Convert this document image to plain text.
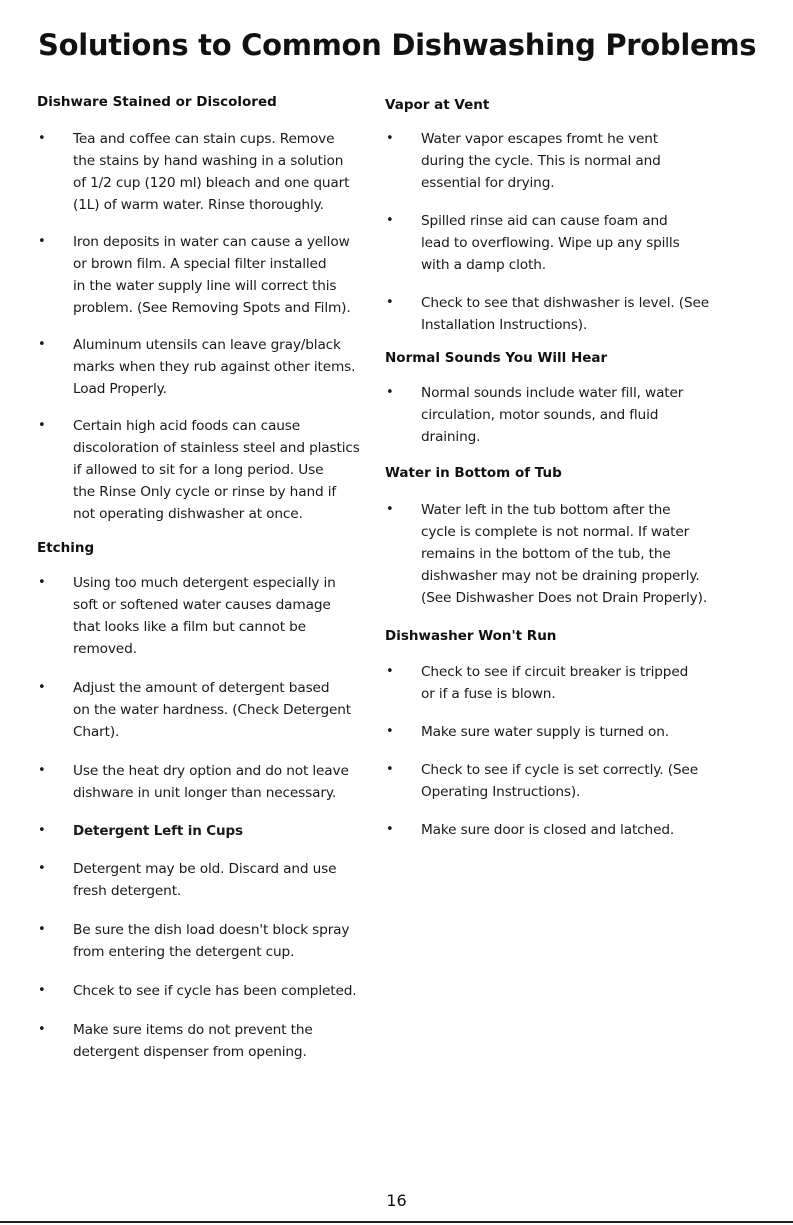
Solutions to Common Dishwashing Problems
Dishware Stained or Discolored
• Tea and coffee can stain cups. Remove
the stains by hand washing in a solution
of 1/2 cup (120 ml) bleach and one quart
(1L) of warm water. Rinse thoroughly.
• Iron deposits in water can cause a yellow
or brown film. A special filter installed
in the water supply line will correct this
problem. (See Removing Spots and Film).
• Aluminum utensils can leave gray/black
marks when they rub against other items.
Load Properly.
• Certain high acid foods can cause
discoloration of stainless steel and plastics
if allowed to sit for a long period. Use
the Rinse Only cycle or rinse by hand if
not operating dishwasher at once.
Etching
• Using too much detergent especially in
soft or softened water causes damage
that looks like a film but cannot be
removed.
• Adjust the amount of detergent based
on the water hardness. (Check Detergent
Chart).
• Use the heat dry option and do not leave
dishware in unit longer than necessary.
• Detergent Left in Cups
• Detergent may be old. Discard and use
fresh detergent.
• Be sure the dish load doesn't block spray
from entering the detergent cup.
• Chcek to see if cycle has been completed.
• Make sure items do not prevent the
detergent dispenser from opening.
Vapor at Vent
• Water vapor escapes fromt he vent
during the cycle. This is normal and
essential for drying.
• Spilled rinse aid can cause foam and
lead to overflowing. Wipe up any spills
with a damp cloth.
• Check to see that dishwasher is level. (See
Installation Instructions).
Normal Sounds You Will Hear
• Normal sounds include water fill, water
circulation, motor sounds, and fluid
draining.
Water in Bottom of Tub
• Water left in the tub bottom after the
cycle is complete is not normal. If water
remains in the bottom of the tub, the
dishwasher may not be draining properly.
(See Dishwasher Does not Drain Properly).
Dishwasher Won't Run
• Check to see if circuit breaker is tripped
or if a fuse is blown.
• Make sure water supply is turned on.
• Check to see if cycle is set correctly. (See
Operating Instructions).
• Make sure door is closed and latched.
16
